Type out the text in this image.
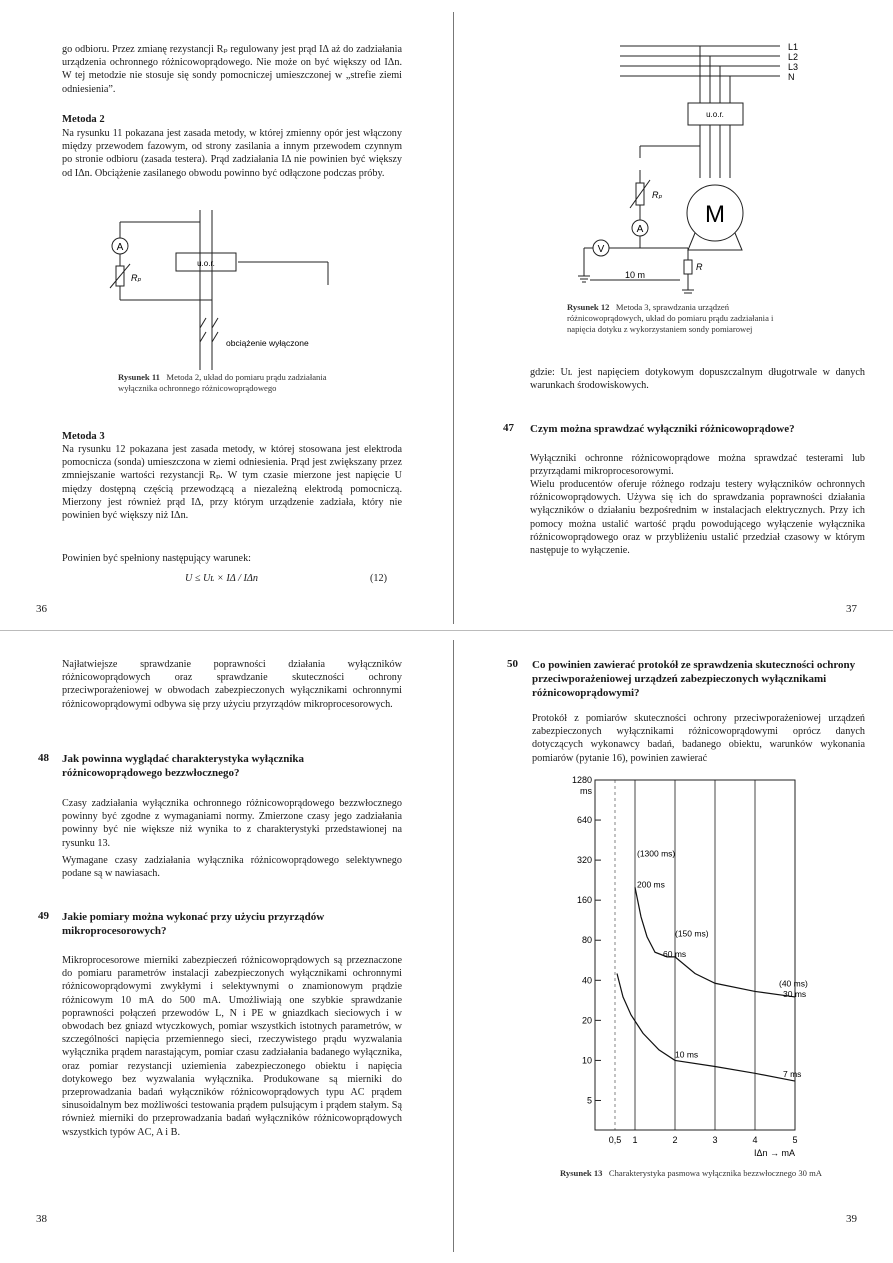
go odbioru. Przez zmianę rezystancji Rₚ regulowany jest prąd IΔ aż do zadziałania urządzenia ochronnego różnicowoprądowego. Nie może on być większy od IΔn. W tej metodzie nie stosuje się sondy pomocniczej umieszczonej w „strefie ziemi odniesienia”.
Metoda 2
Na rysunku 11 pokazana jest zasada metody, w której zmienny opór jest włączony między przewodem fazowym, od strony zasilania a innym przewodem czynnym po stronie odbioru (zasada testera). Prąd zadziałania IΔ nie powinien być większy od IΔn. Obciążenie zasilanego obwodu powinno być odłączone podczas próby.
A
Rₚ
u.o.r.
obciążenie wyłączone
Rysunek 11 Metoda 2, układ do pomiaru prądu zadziałania wyłącznika ochronnego różnicowoprądowego
Metoda 3
Na rysunku 12 pokazana jest zasada metody, w której stosowana jest elektroda pomocnicza (sonda) umieszczona w ziemi odniesienia. Prąd jest zwiększany przez zmniejszanie wartości rezystancji Rₚ. W tym czasie mierzone jest napięcie U między dostępną częścią przewodzącą a niezależną elektrodą pomocniczą. Mierzony jest również prąd IΔ, przy którym urządzenie zadziała, który nie powinien być większy niż IΔn.
Powinien być spełniony następujący warunek:
U ≤ Uʟ × IΔ / IΔn	(12)
36
L1
L2
L3
N
u.o.r.
M
Rₚ
A
V
10 m
R
Rysunek 12 Metoda 3, sprawdzania urządzeń różnicowoprądowych, układ do pomiaru prądu zadziałania i napięcia dotyku z wykorzystaniem sondy pomiarowej
gdzie: Uʟ jest napięciem dotykowym dopuszczalnym długotrwale w danych warunkach środowiskowych.
47 Czym można sprawdzać wyłączniki różnicowoprądowe?
Wyłączniki ochronne różnicowoprądowe można sprawdzać testerami lub przyrządami mikroprocesorowymi.
Wielu producentów oferuje różnego rodzaju testery wyłączników ochronnych różnicowoprądowych. Używa się ich do sprawdzania poprawności działania wyłączników o działaniu bezpośrednim w instalacjach elektrycznych. Przy ich pomocy można ustalić wartość prądu powodującego wyłączenie wyłącznika różnicowoprądowego oraz w przybliżeniu ustalić przedział czasowy w którym następuje to wyłączenie.
37
Najłatwiejsze sprawdzanie poprawności działania wyłączników różnicowoprądowych oraz sprawdzanie skuteczności ochrony przeciwporażeniowej w obwodach zabezpieczonych wyłącznikami ochronnymi różnicowoprądowymi odbywa się przy użyciu przyrządów mikroprocesorowych.
48 Jak powinna wyglądać charakterystyka wyłącznika różnicowoprądowego bezzwłocznego?
Czasy zadziałania wyłącznika ochronnego różnicowoprądowego bezzwłocznego powinny być zgodne z wymaganiami normy. Zmierzone czasy jego zadziałania powinny być nie większe niż wynika to z charakterystyki przedstawionej na rysunku 13.
Wymagane czasy zadziałania wyłącznika różnicowoprądowego selektywnego podane są w nawiasach.
49 Jakie pomiary można wykonać przy użyciu przyrządów mikroprocesorowych?
Mikroprocesorowe mierniki zabezpieczeń różnicowoprądowych są przeznaczone do pomiaru parametrów instalacji zabezpieczonych wyłącznikami ochronnymi różnicowoprądowymi zwykłymi i selektywnymi o znamionowym prądzie różnicowym 10 mA do 500 mA. Umożliwiają one szybkie sprawdzanie poprawności połączeń przewodów L, N i PE w gniazdkach sieciowych i w obwodach bez gniazd wtyczkowych, pomiar wszystkich istotnych parametrów, w szczególności napięcia przemiennego sieci, rzeczywistego prądu wyzwalania wyłącznika prądem narastającym, pomiar czasu zadziałania badanego wyłącznika, oraz pomiar rezystancji uziemienia zabezpieczonego obiektu i napięcia dotykowego bez wyzwalania wyłącznika. Produkowane są mierniki do przeprowadzania badań wyłączników różnicowoprądowych typu AC prądem sinusoidalnym bez możliwości testowania prądem pulsującym i prądem stałym. Są również mierniki do przeprowadzania badań wyłączników różnicowoprądowych wszystkich typów AC, A i B.
38
50 Co powinien zawierać protokół ze sprawdzenia skuteczności ochrony przeciwporażeniowej urządzeń zabezpieczonych wyłącznikami różnicowoprądowymi?
Protokół z pomiarów skuteczności ochrony przeciwporażeniowej urządzeń zabezpieczonych wyłącznikami różnicowoprądowymi oprócz danych dotyczących wykonawcy badań, badanego obiektu, warunków wykonania pomiarów (pytanie 16), powinien zawierać
(1300 ms)
200 ms
(150 ms)
60 ms
(40 ms)
30 ms
10 ms
7 ms
0,5 1	2	3	4	5
5
10
20
40
80
160
320
640
1280
ms
IΔn → mA
Rysunek 13 Charakterystyka pasmowa wyłącznika bezzwłocznego 30 mA
39
